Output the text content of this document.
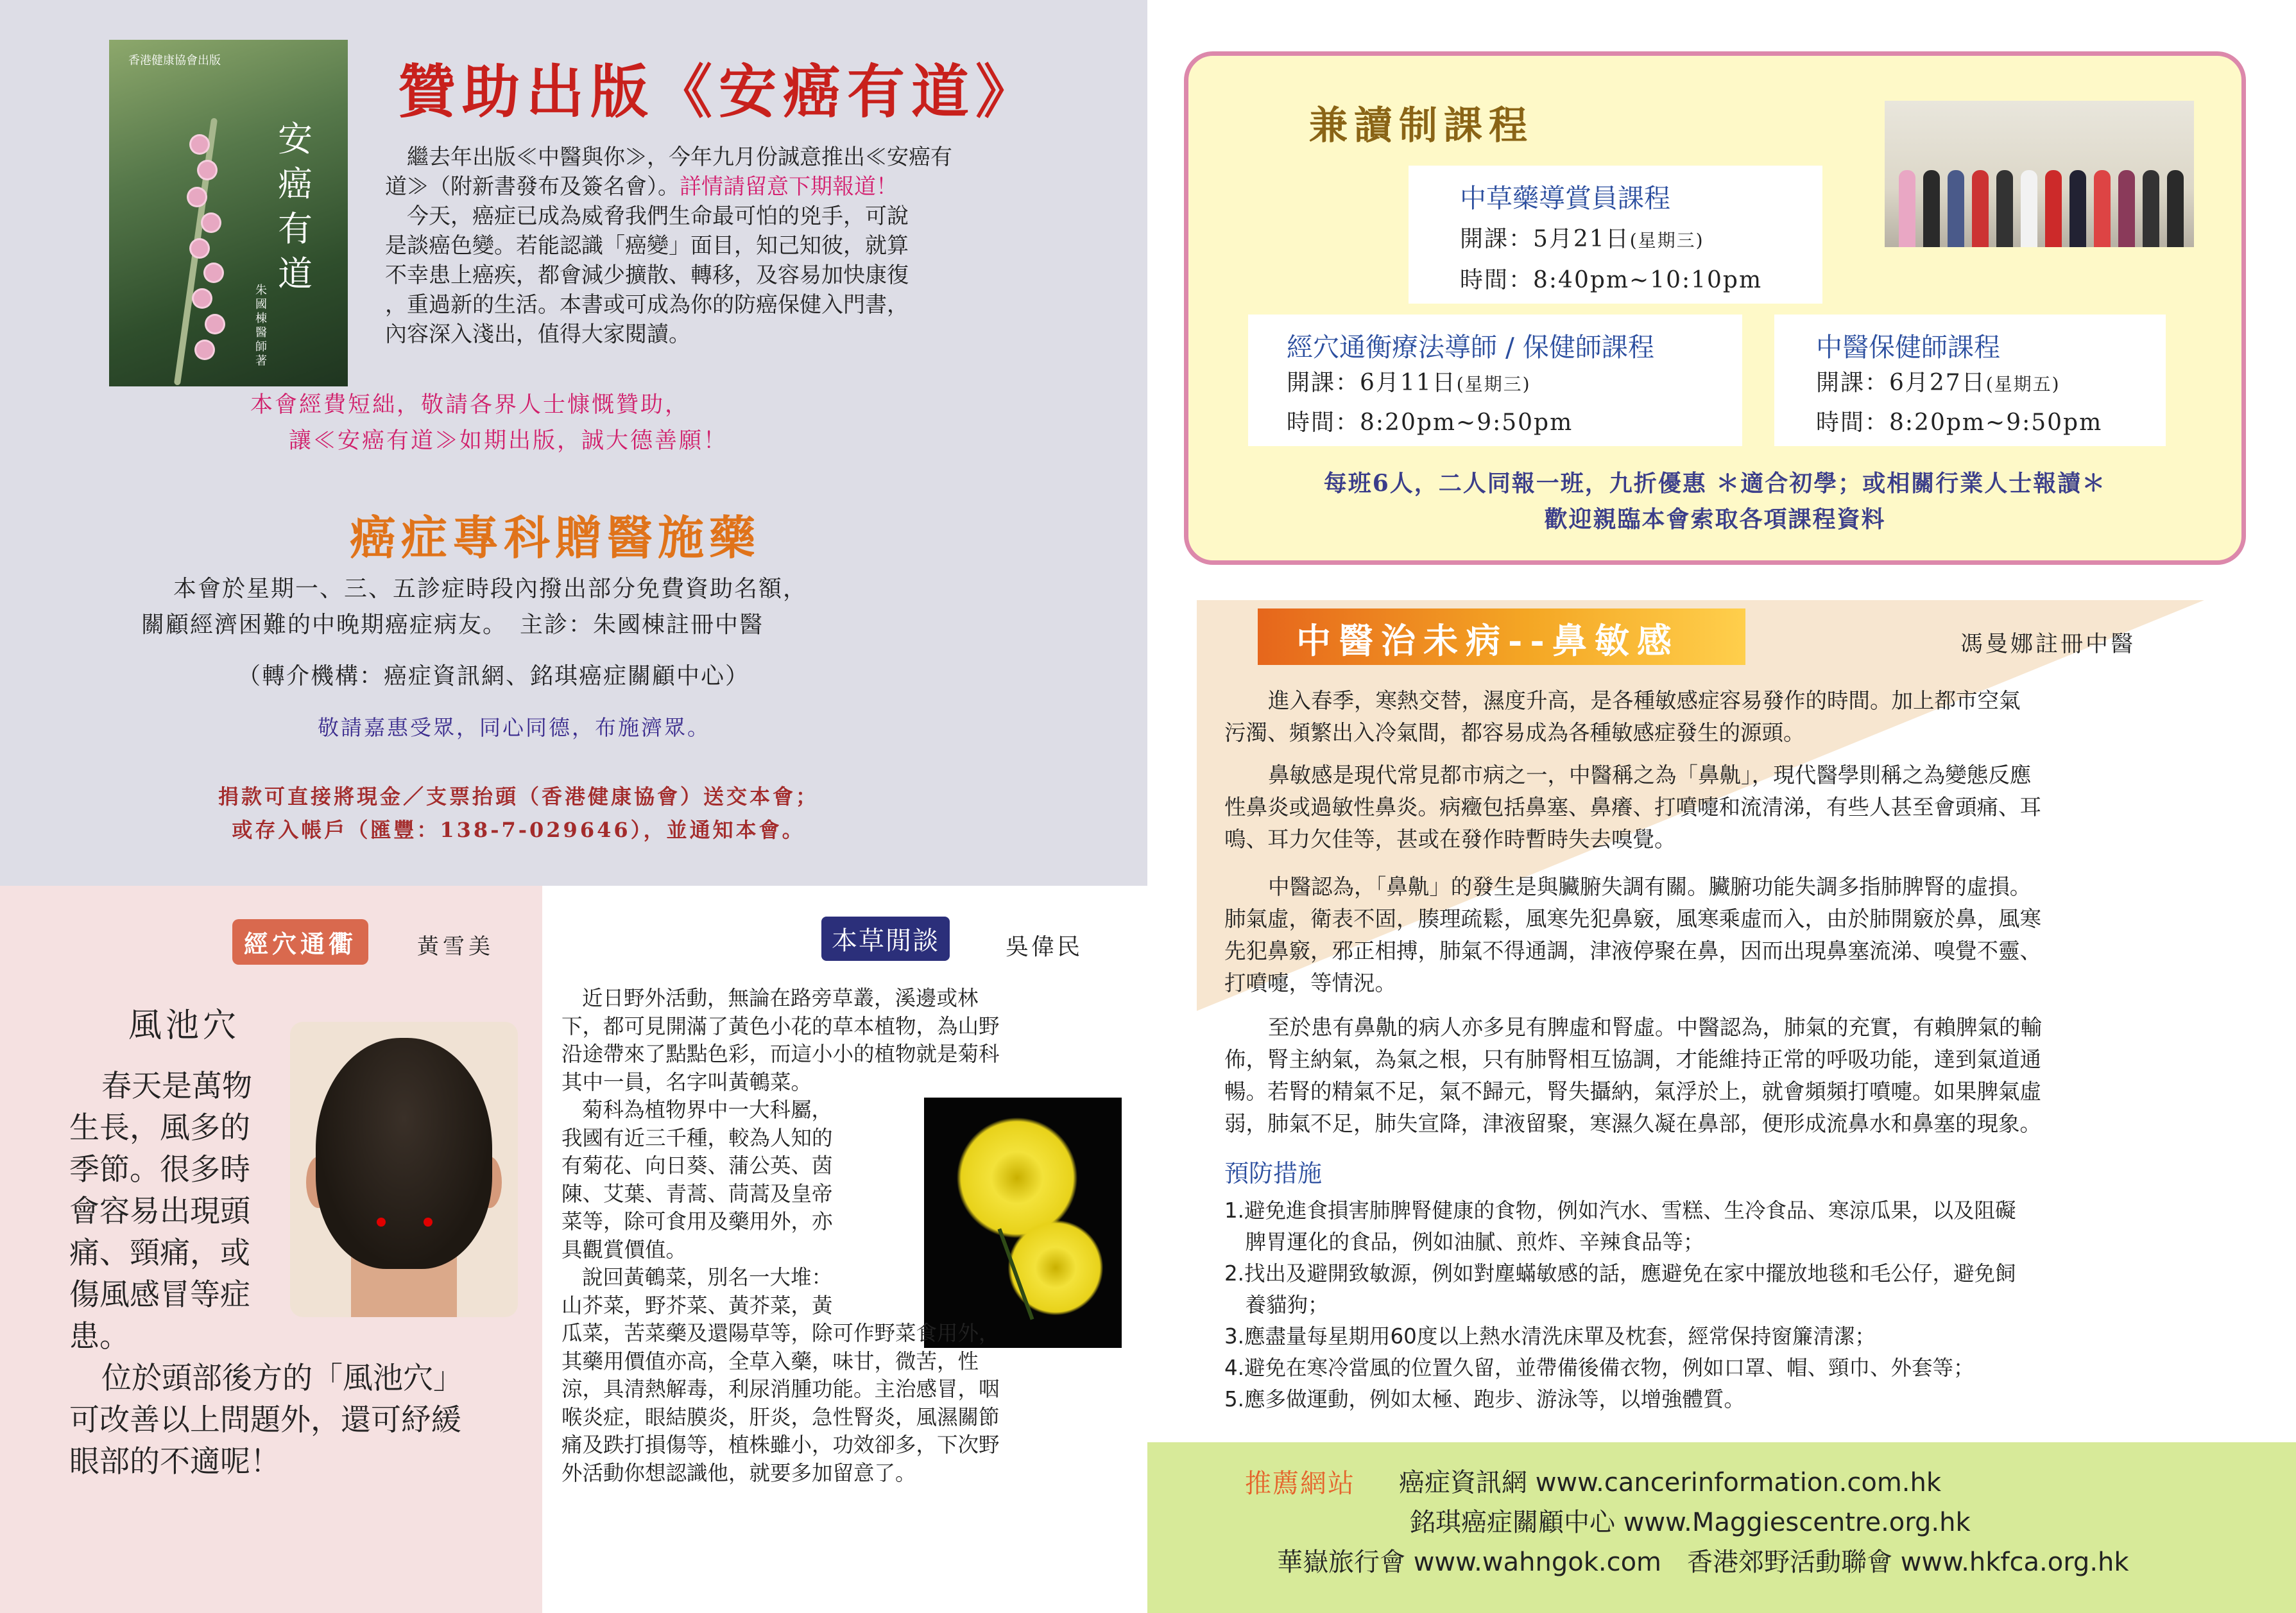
香港健康協會出版
安癌有道
朱國棟醫師 著
贊助出版《安癌有道》
繼去年出版≪中醫與你≫，今年九月份誠意推出≪安癌有
道≫（附新書發布及簽名會）。詳情請留意下期報道！
今天，癌症已成為威脅我們生命最可怕的兇手，可說
是談癌色變。若能認識「癌變」面目，知己知彼，就算
不幸患上癌疾，都會減少擴散、轉移，及容易加快康復
，重過新的生活。本書或可成為你的防癌保健入門書，
內容深入淺出，值得大家閱讀。
本會經費短絀，敬請各界人士慷慨贊助，
讓≪安癌有道≫如期出版，誠大德善願！
癌症專科贈醫施藥
本會於星期一、三、五診症時段內撥出部分免費資助名額，
關顧經濟困難的中晚期癌症病友。　主診：朱國棟註冊中醫
（轉介機構：癌症資訊網、銘琪癌症關顧中心）
敬請嘉惠受眾，同心同德，布施濟眾。
捐款可直接將現金／支票抬頭（香港健康協會）送交本會；
或存入帳戶（匯豐：138-7-029646），並通知本會。
經穴通衢	黃雪美
風池穴
春天是萬物
生長，風多的
季節。很多時
會容易出現頭
痛、頸痛，或
傷風感冒等症
患。
位於頭部後方的「風池穴」
可改善以上問題外，還可紓緩
眼部的不適呢！
本草閒談	吳偉民
近日野外活動，無論在路旁草叢，溪邊或林
下，都可見開滿了黃色小花的草本植物，為山野
沿途帶來了點點色彩，而這小小的植物就是菊科
其中一員，名字叫黃鵪菜。
菊科為植物界中一大科屬，
我國有近三千種，較為人知的
有菊花、向日葵、蒲公英、茵
陳、艾葉、青蒿、茼蒿及皇帝
菜等，除可食用及藥用外，亦
具觀賞價值。
說回黃鵪菜，別名一大堆：
山芥菜，野芥菜、黃芥菜，黃
瓜菜，苦菜藥及還陽草等，除可作野菜食用外，
其藥用價值亦高，全草入藥，味甘，微苦，性
涼，具清熱解毒，利尿消腫功能。主治感冒，咽
喉炎症，眼結膜炎，肝炎，急性腎炎，風濕關節
痛及跌打損傷等，植株雖小，功效卻多，下次野
外活動你想認識他，就要多加留意了。
兼讀制課程
中草藥導賞員課程
開課：5月21日(星期三)
時間：8:40pm~10:10pm
經穴通衡療法導師 / 保健師課程
開課：6月11日(星期三)
時間：8:20pm~9:50pm
中醫保健師課程
開課：6月27日(星期五)
時間：8:20pm~9:50pm
每班6人，二人同報一班，九折優惠 ＊適合初學；或相關行業人士報讀＊
歡迎親臨本會索取各項課程資料
中醫治未病--鼻敏感	馮曼娜註冊中醫
進入春季，寒熱交替，濕度升高，是各種敏感症容易發作的時間。加上都市空氣
污濁、頻繁出入冷氣間，都容易成為各種敏感症發生的源頭。
鼻敏感是現代常見都市病之一，中醫稱之為「鼻鼽」，現代醫學則稱之為變態反應
性鼻炎或過敏性鼻炎。病癥包括鼻塞、鼻癢、打噴嚏和流清涕，有些人甚至會頭痛、耳
鳴、耳力欠佳等，甚或在發作時暫時失去嗅覺。
中醫認為，「鼻鼽」的發生是與臟腑失調有關。臟腑功能失調多指肺脾腎的虛損。
肺氣虛，衛表不固，腠理疏鬆，風寒先犯鼻竅，風寒乘虛而入，由於肺開竅於鼻，風寒
先犯鼻竅，邪正相搏，肺氣不得通調，津液停聚在鼻，因而出現鼻塞流涕、嗅覺不靈、
打噴嚏，等情況。
至於患有鼻鼽的病人亦多見有脾虛和腎虛。中醫認為，肺氣的充實，有賴脾氣的輸
佈，腎主納氣，為氣之根，只有肺腎相互協調，才能維持正常的呼吸功能，達到氣道通
暢。若腎的精氣不足，氣不歸元，腎失攝納，氣浮於上，就會頻頻打噴嚏。如果脾氣虛
弱，肺氣不足，肺失宣降，津液留聚，寒濕久凝在鼻部，便形成流鼻水和鼻塞的現象。
預防措施
1.避免進食損害肺脾腎健康的食物，例如汽水、雪糕、生冷食品、寒涼瓜果，以及阻礙
　脾胃運化的食品，例如油膩、煎炸、辛辣食品等；
2.找出及避開致敏源，例如對塵蟎敏感的話，應避免在家中擺放地毯和毛公仔，避免飼
　養貓狗；
3.應盡量每星期用60度以上熱水清洗床單及枕套，經常保持窗簾清潔；
4.避免在寒冷當風的位置久留，並帶備後備衣物，例如口罩、帽、頸巾、外套等；
5.應多做運動，例如太極、跑步、游泳等，以增強體質。
推薦網站 癌症資訊網 www.cancerinformation.com.hk
銘琪癌症關顧中心 www.Maggiescentre.org.hk
華嶽旅行會 www.wahngok.com　香港郊野活動聯會 www.hkfca.org.hk
